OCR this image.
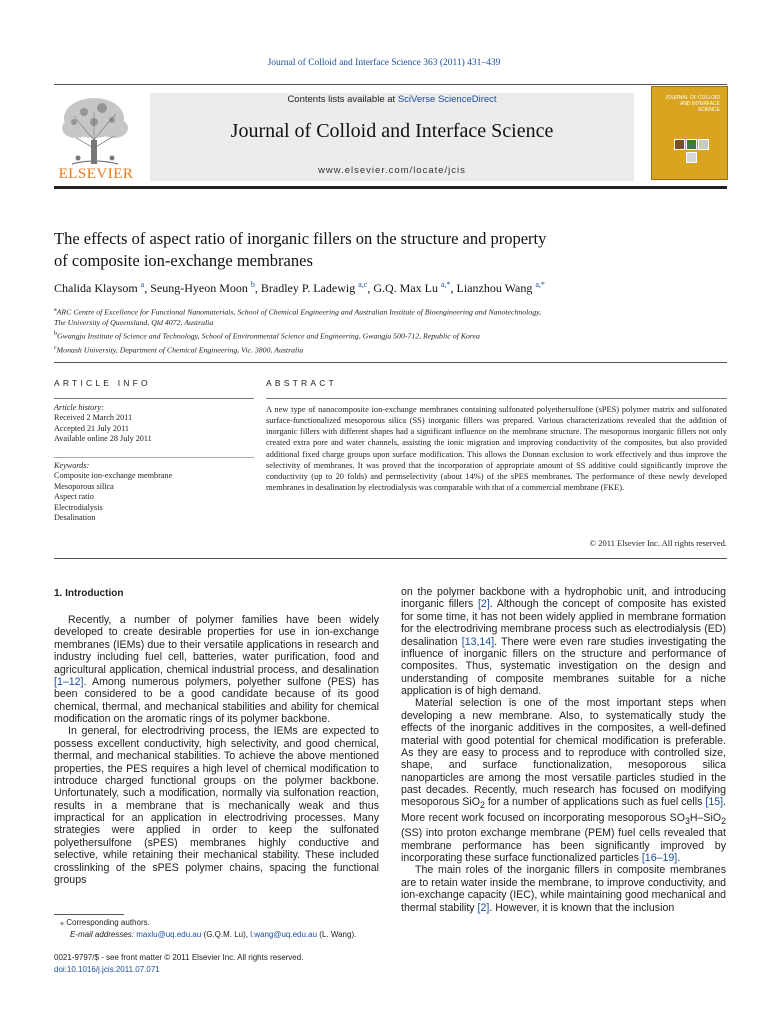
Journal of Colloid and Interface Science 363 (2011) 431–439
ELSEVIER
Contents lists available at SciVerse ScienceDirect
Journal of Colloid and Interface Science
www.elsevier.com/locate/jcis
JOURNAL OF COLLOID AND INTERFACE SCIENCE
The effects of aspect ratio of inorganic fillers on the structure and property
of composite ion-exchange membranes
Chalida Klaysom $^a$, Seung-Hyeon Moon $^b$, Bradley P. Ladewig $^{a,c}$, G.Q. Max Lu $^{a,*}$, Lianzhou Wang $^{a,*}$
$^a$ARC Centre of Excellence for Functional Nanomaterials, School of Chemical Engineering and Australian Institute of Bioengineering and Nanotechnology,
The University of Queensland, Qld 4072, Australia
$^b$Gwangju Institute of Science and Technology, School of Environmental Science and Engineering, Gwangju 500-712, Republic of Korea
$^c$Monash University, Department of Chemical Engineering, Vic. 3800, Australia
ARTICLE INFO
Article history:
Received 2 March 2011
Accepted 21 July 2011
Available online 28 July 2011
Keywords:
Composite ion-exchange membrane
Mesoporous silica
Aspect ratio
Electrodialysis
Desalination
ABSTRACT
A new type of nanocomposite ion-exchange membranes containing sulfonated polyethersulfone (sPES) polymer matrix and sulfonated surface-functionalized mesoporous silica (SS) inorganic fillers was prepared. Various characterizations revealed that the addition of inorganic fillers with different shapes had a significant influence on the membrane structure. The mesoporous inorganic fillers not only created extra pore and water channels, assisting the ionic migration and improving conductivity of the composites, but also provided additional fixed charge groups upon surface modification. This allows the Donnan exclusion to work effectively and thus improve the selectivity of membranes. It was proved that the incorporation of appropriate amount of SS additive could significantly improve the conductivity (up to 20 folds) and permselectivity (about 14%) of the sPES membranes. The performance of these newly developed membranes in desalination by electrodialysis was comparable with that of a commercial membrane (FKE).
© 2011 Elsevier Inc. All rights reserved.
1. Introduction

Recently, a number of polymer families have been widely developed to create desirable properties for use in ion-exchange membranes (IEMs) due to their versatile applications in research and industry including fuel cell, batteries, water purification, food and agricultural application, chemical industrial process, and desalination [1–12]. Among numerous polymers, polyether sulfone (PES) has been considered to be a good candidate because of its good chemical, thermal, and mechanical stabilities and ability for chemical modification on the aromatic rings of its polymer backbone.

In general, for electrodriving process, the IEMs are expected to possess excellent conductivity, high selectivity, and good chemical, thermal, and mechanical stabilities. To achieve the above mentioned properties, the PES requires a high level of chemical modification to introduce charged functional groups on the polymer backbone. Unfortunately, such a modification, normally via sulfonation reaction, results in a membrane that is mechanically weak and thus impractical for an application in electrodriving processes. Many strategies were applied in order to keep the sulfonated polyethersulfone (sPES) membranes highly conductive and selective, while retaining their mechanical stability. These included crosslinking of the sPES polymer chains, spacing the functional groups

on the polymer backbone with a hydrophobic unit, and introducing inorganic fillers [2]. Although the concept of composite has existed for some time, it has not been widely applied in membrane formation for the electrodriving membrane process such as electrodialysis (ED) desalination [13,14]. There were even rare studies investigating the influence of inorganic fillers on the structure and performance of composites. Thus, systematic investigation on the design and understanding of composite membranes suitable for a niche application is of high demand.

Material selection is one of the most important steps when developing a new membrane. Also, to systematically study the effects of the inorganic additives in the composites, a well-defined material with good potential for chemical modification is preferable. As they are easy to process and to reproduce with controlled size, shape, and surface functionalization, mesoporous silica nanoparticles are among the most versatile particles studied in the past decades. Recently, much research has focused on modifying mesoporous SiO$_2$ for a number of applications such as fuel cells [15]. More recent work focused on incorporating mesoporous $SO_3H-SiO_2$ (SS) into proton exchange membrane (PEM) fuel cells revealed that membrane performance has been significantly improved by incorporating these surface functionalized particles [16–19].

The main roles of the inorganic fillers in composite membranes are to retain water inside the membrane, to improve conductivity, and ion-exchange capacity (IEC), while maintaining good mechanical and thermal stability [2]. However, it is known that the inclusion

⁎ Corresponding authors.
E-mail addresses: maxlu@uq.edu.au (G.Q.M. Lu), l.wang@uq.edu.au (L. Wang).
0021-9797/$ - see front matter © 2011 Elsevier Inc. All rights reserved.
doi:10.1016/j.jcis.2011.07.071
